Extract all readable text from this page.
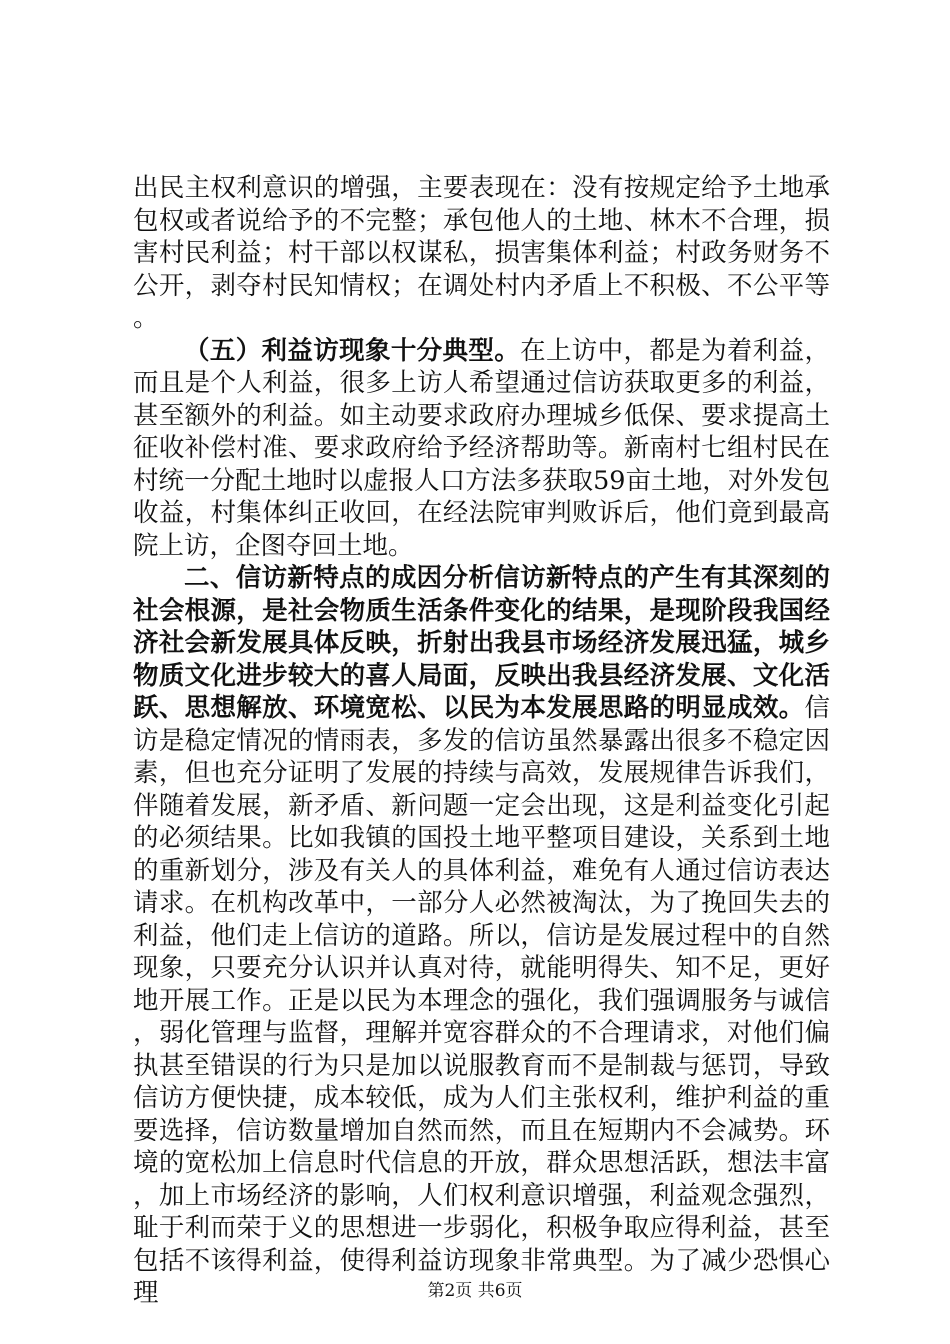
出民主权利意识的增强，主要表现在：没有按规定给予土地承包权或者说给予的不完整；承包他人的土地、林木不合理，损害村民利益；村干部以权谋私，损害集体利益；村政务财务不公开，剥夺村民知情权；在调处村内矛盾上不积极、不公平等。

（五）利益访现象十分典型。在上访中，都是为着利益，而且是个人利益，很多上访人希望通过信访获取更多的利益，甚至额外的利益。如主动要求政府办理城乡低保、要求提高土征收补偿村准、要求政府给予经济帮助等。新南村七组村民在村统一分配土地时以虚报人口方法多获取59亩土地，对外发包收益，村集体纠正收回，在经法院审判败诉后，他们竟到最高院上访，企图夺回土地。

二、信访新特点的成因分析信访新特点的产生有其深刻的社会根源，是社会物质生活条件变化的结果，是现阶段我国经济社会新发展具体反映，折射出我县市场经济发展迅猛，城乡物质文化进步较大的喜人局面，反映出我县经济发展、文化活跃、思想解放、环境宽松、以民为本发展思路的明显成效。信访是稳定情况的情雨表，多发的信访虽然暴露出很多不稳定因素，但也充分证明了发展的持续与高效，发展规律告诉我们，伴随着发展，新矛盾、新问题一定会出现，这是利益变化引起的必须结果。比如我镇的国投土地平整项目建设，关系到土地的重新划分，涉及有关人的具体利益，难免有人通过信访表达请求。在机构改革中，一部分人必然被淘汰，为了挽回失去的利益，他们走上信访的道路。所以，信访是发展过程中的自然现象，只要充分认识并认真对待，就能明得失、知不足，更好地开展工作。正是以民为本理念的强化，我们强调服务与诚信，弱化管理与监督，理解并宽容群众的不合理请求，对他们偏执甚至错误的行为只是加以说服教育而不是制裁与惩罚，导致信访方便快捷，成本较低，成为人们主张权利，维护利益的重要选择，信访数量增加自然而然，而且在短期内不会减势。环境的宽松加上信息时代信息的开放，群众思想活跃，想法丰富，加上市场经济的影响，人们权利意识增强，利益观念强烈，耻于利而荣于义的思想进一步弱化，积极争取应得利益，甚至包括不该得利益，使得利益访现象非常典型。为了减少恐惧心理	第2页 共6页
